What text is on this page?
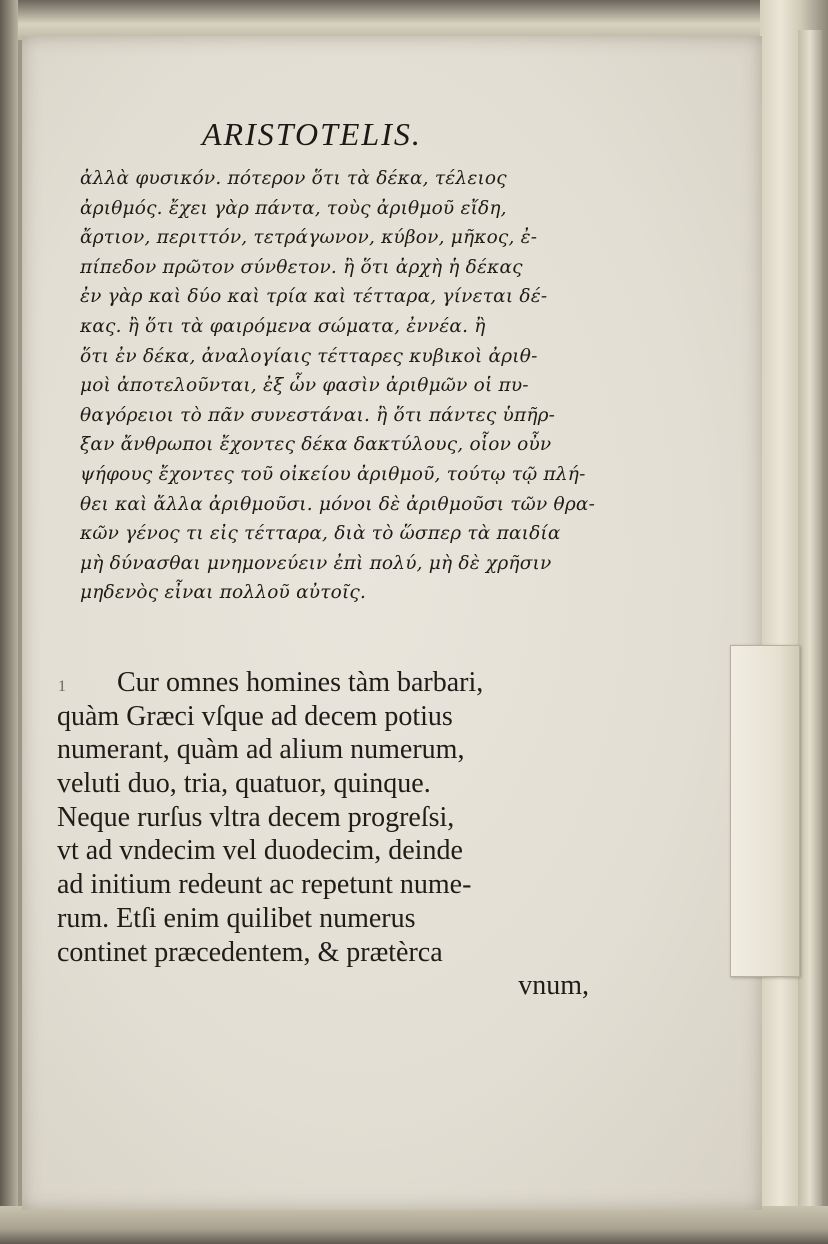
ARISTOTELIS.
ἀλλὰ φυσικόν. πότερον ὅτι τὰ δέκα, τέλειος
ἀριθμός. ἔχει γὰρ πάντα, τοὺς ἀριθμοῦ εἴδη,
ἄρτιον, περιττόν, τετράγωνον, κύβον, μῆκος, ἐ-
πίπεδον πρῶτον σύνθετον. ἢ ὅτι ἀρχὴ ἡ δέκας
ἐν γὰρ καὶ δύο καὶ τρία καὶ τέτταρα, γίνεται δέ-
κας. ἢ ὅτι τὰ φαιρόμενα σώματα, ἐννέα. ἢ
ὅτι ἐν δέκα, ἀναλογίαις τέτταρες κυβικοὶ ἀριθ-
μοὶ ἀποτελοῦνται, ἐξ ὧν φασὶν ἀριθμῶν οἱ πυ-
θαγόρειοι τὸ πᾶν συνεστάναι. ἢ ὅτι πάντες ὑπῆρ-
ξαν ἄνθρωποι ἔχοντες δέκα δακτύλους, οἷον οὖν
ψήφους ἔχοντες τοῦ οἰκείου ἀριθμοῦ, τούτῳ τῷ πλή-
θει καὶ ἄλλα ἀριθμοῦσι. μόνοι δὲ ἀριθμοῦσι τῶν θρα-
κῶν γένος τι εἰς τέτταρα, διὰ τὸ ὥσπερ τὰ παιδία
μὴ δύνασθαι μνημονεύειν ἐπὶ πολύ, μὴ δὲ χρῆσιν
μηδενὸς εἶναι πολλοῦ αὐτοῖς.
1	Cur omnes homines tàm barbari,
quàm Græci vſque ad decem potius
numerant, quàm ad alium numerum,
veluti duo, tria, quatuor, quinque.
Neque rurſus vltra decem progreſsi,
vt ad vndecim vel duodecim, deinde
ad initium redeunt ac repetunt nume-
rum. Etſi enim quilibet numerus
continet præcedentem, & prætèrca
vnum,
